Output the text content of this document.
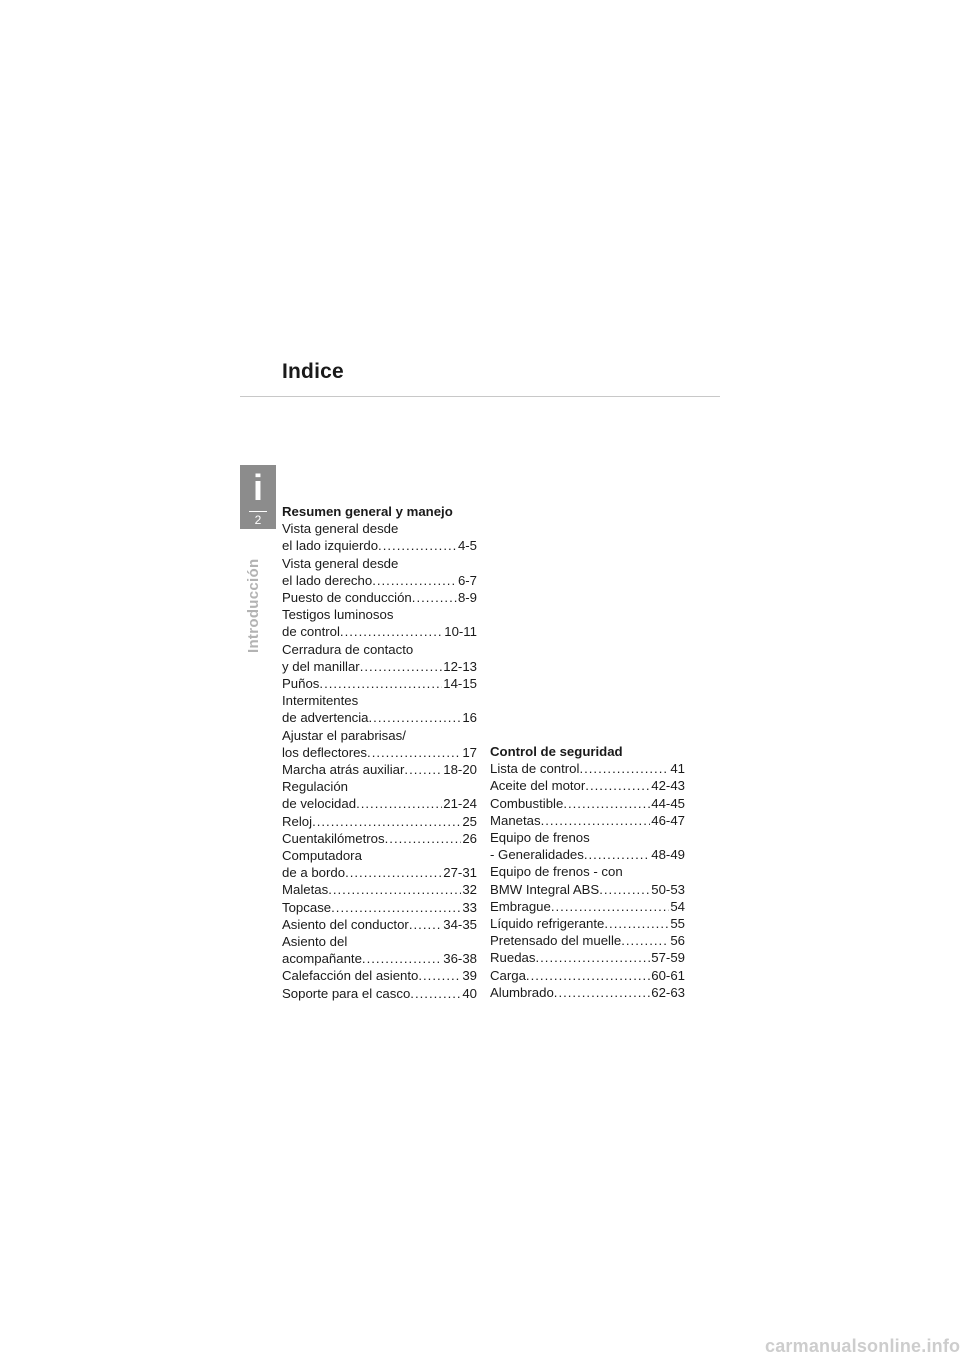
Indice
i
2
Introducción
Resumen general y manejo
Vista general desde
el lado izquierdo .....	4-5
Vista general desde
el lado derecho .....	6-7
Puesto de conducción .....	8-9
Testigos luminosos
de control .....	10-11
Cerradura de contacto
y del manillar .....	12-13
Puños .....	14-15
Intermitentes
de advertencia .....	16
Ajustar el parabrisas/
los deflectores .....	17
Marcha atrás auxiliar .....	18-20
Regulación
de velocidad .....	21-24
Reloj .....	25
Cuentakilómetros .....	26
Computadora
de a bordo .....	27-31
Maletas .....	32
Topcase .....	33
Asiento del conductor .....	34-35
Asiento del
acompañante .....	36-38
Calefacción del asiento .....	39
Soporte para el casco .....	40
Control de seguridad
Lista de control .....	41
Aceite del motor .....	42-43
Combustible .....	44-45
Manetas .....	46-47
Equipo de frenos
- Generalidades .....	48-49
Equipo de frenos - con
BMW Integral ABS .....	50-53
Embrague .....	54
Líquido refrigerante .....	55
Pretensado del muelle .....	56
Ruedas .....	57-59
Carga .....	60-61
Alumbrado .....	62-63
carmanualsonline.info
